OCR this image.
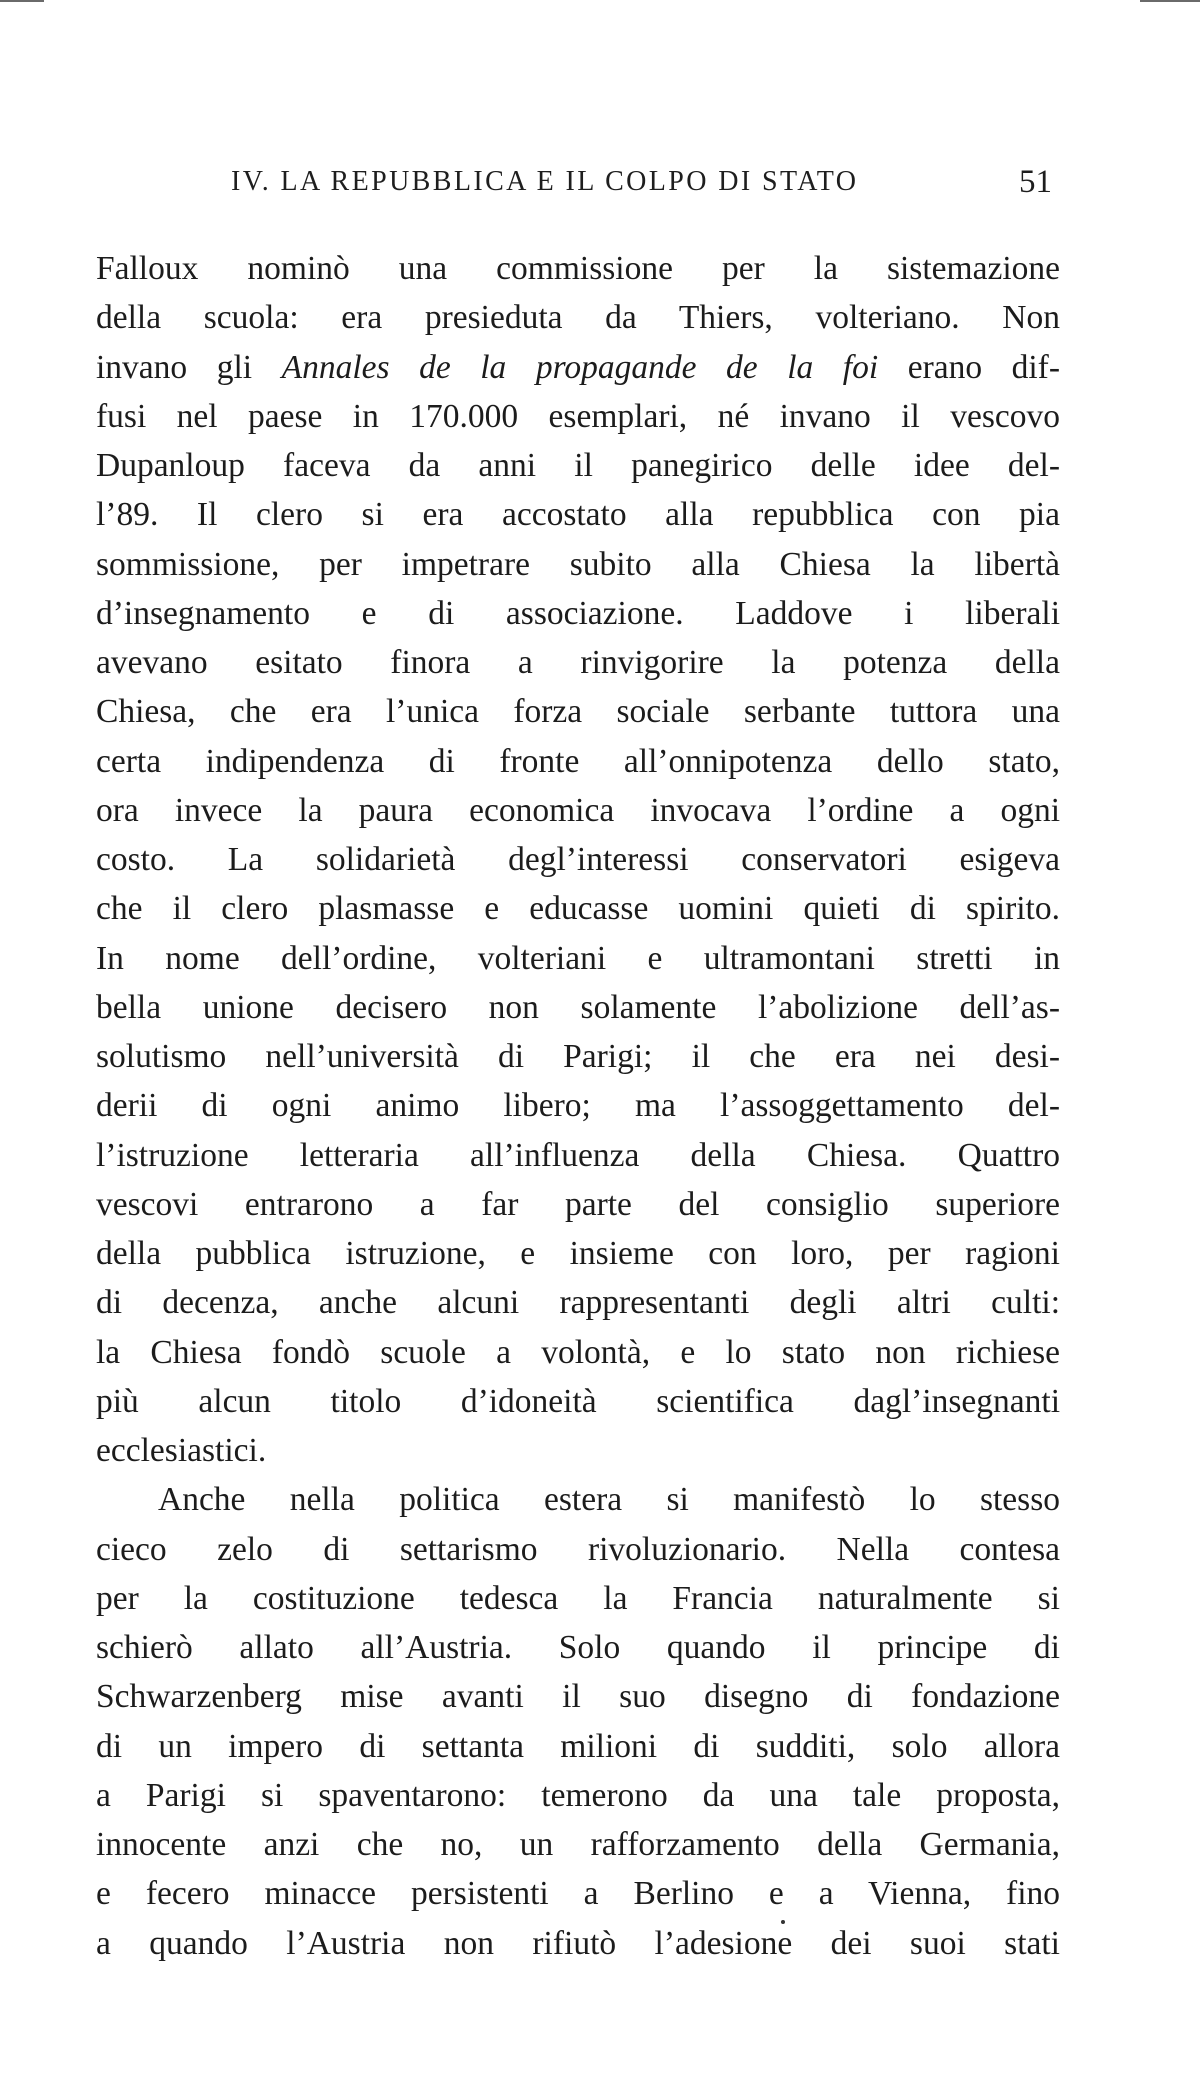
IV. LA REPUBBLICA E IL COLPO DI STATO	51
Falloux nominò una commissione per la sistemazione
della scuola: era presieduta da Thiers, volteriano. Non
invano gli Annales de la propagande de la foi erano dif-
fusi nel paese in 170.000 esemplari, né invano il vescovo
Dupanloup faceva da anni il panegirico delle idee del-
l’89. Il clero si era accostato alla repubblica con pia
sommissione, per impetrare subito alla Chiesa la libertà
d’insegnamento e di associazione. Laddove i liberali
avevano esitato finora a rinvigorire la potenza della
Chiesa, che era l’unica forza sociale serbante tuttora una
certa indipendenza di fronte all’onnipotenza dello stato,
ora invece la paura economica invocava l’ordine a ogni
costo. La solidarietà degl’interessi conservatori esigeva
che il clero plasmasse e educasse uomini quieti di spirito.
In nome dell’ordine, volteriani e ultramontani stretti in
bella unione decisero non solamente l’abolizione dell’as-
solutismo nell’università di Parigi; il che era nei desi-
derii di ogni animo libero; ma l’assoggettamento del-
l’istruzione letteraria all’influenza della Chiesa. Quattro
vescovi entrarono a far parte del consiglio superiore
della pubblica istruzione, e insieme con loro, per ragioni
di decenza, anche alcuni rappresentanti degli altri culti:
la Chiesa fondò scuole a volontà, e lo stato non richiese
più alcun titolo d’idoneità scientifica dagl’insegnanti
ecclesiastici.
Anche nella politica estera si manifestò lo stesso
cieco zelo di settarismo rivoluzionario. Nella contesa
per la costituzione tedesca la Francia naturalmente si
schierò allato all’Austria. Solo quando il principe di
Schwarzenberg mise avanti il suo disegno di fondazione
di un impero di settanta milioni di sudditi, solo allora
a Parigi si spaventarono: temerono da una tale proposta,
innocente anzi che no, un rafforzamento della Germania,
e fecero minacce persistenti a Berlino e a Vienna, fino
a quando l’Austria non rifiutò l’adesione dei suoi stati
